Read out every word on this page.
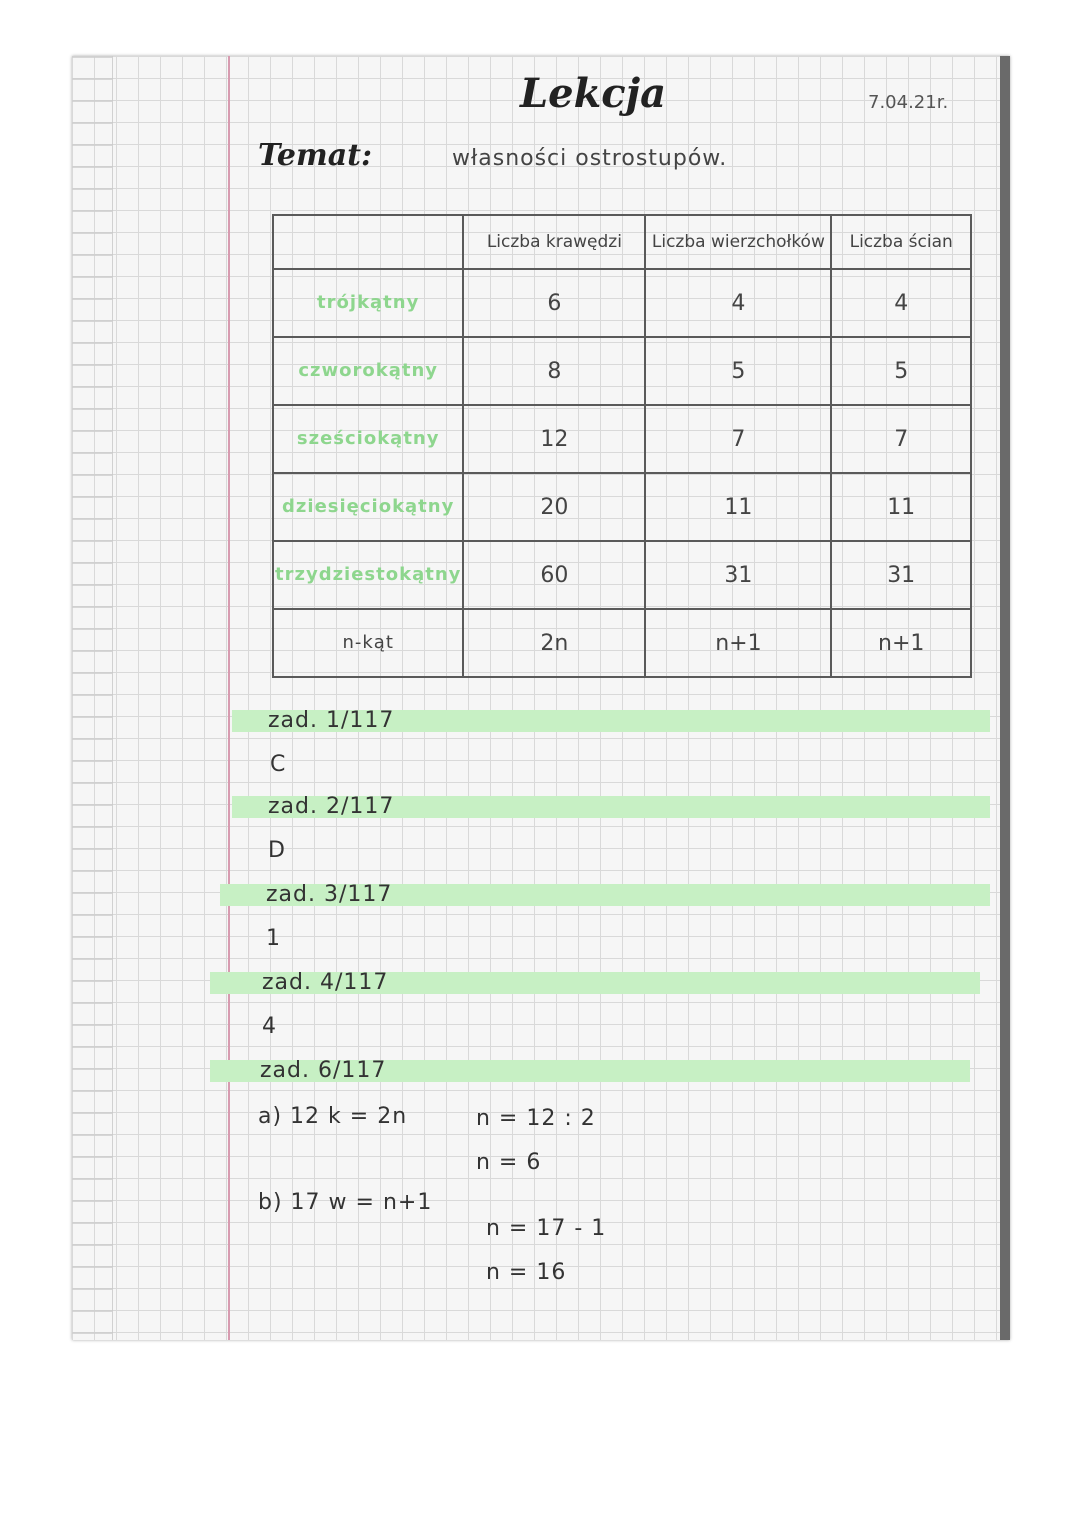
Lekcja	7.04.21r.
Temat:	własności ostrostupów.
	Liczba krawędzi	Liczba wierzchołków	Liczba ścian
trójkątny	6	4	4
czworokątny	8	5	5
sześciokątny	12	7	7
dziesięciokątny	20	11	11
trzydziestokątny	60	31	31
n-kąt	2n	n+1	n+1
zad. 1/117
C
zad. 2/117
D
zad. 3/117
1
zad. 4/117
4
zad. 6/117
a) 12 k = 2n	n = 12 : 2
n = 6
b) 17 w = n+1
n = 17 - 1
n = 16
